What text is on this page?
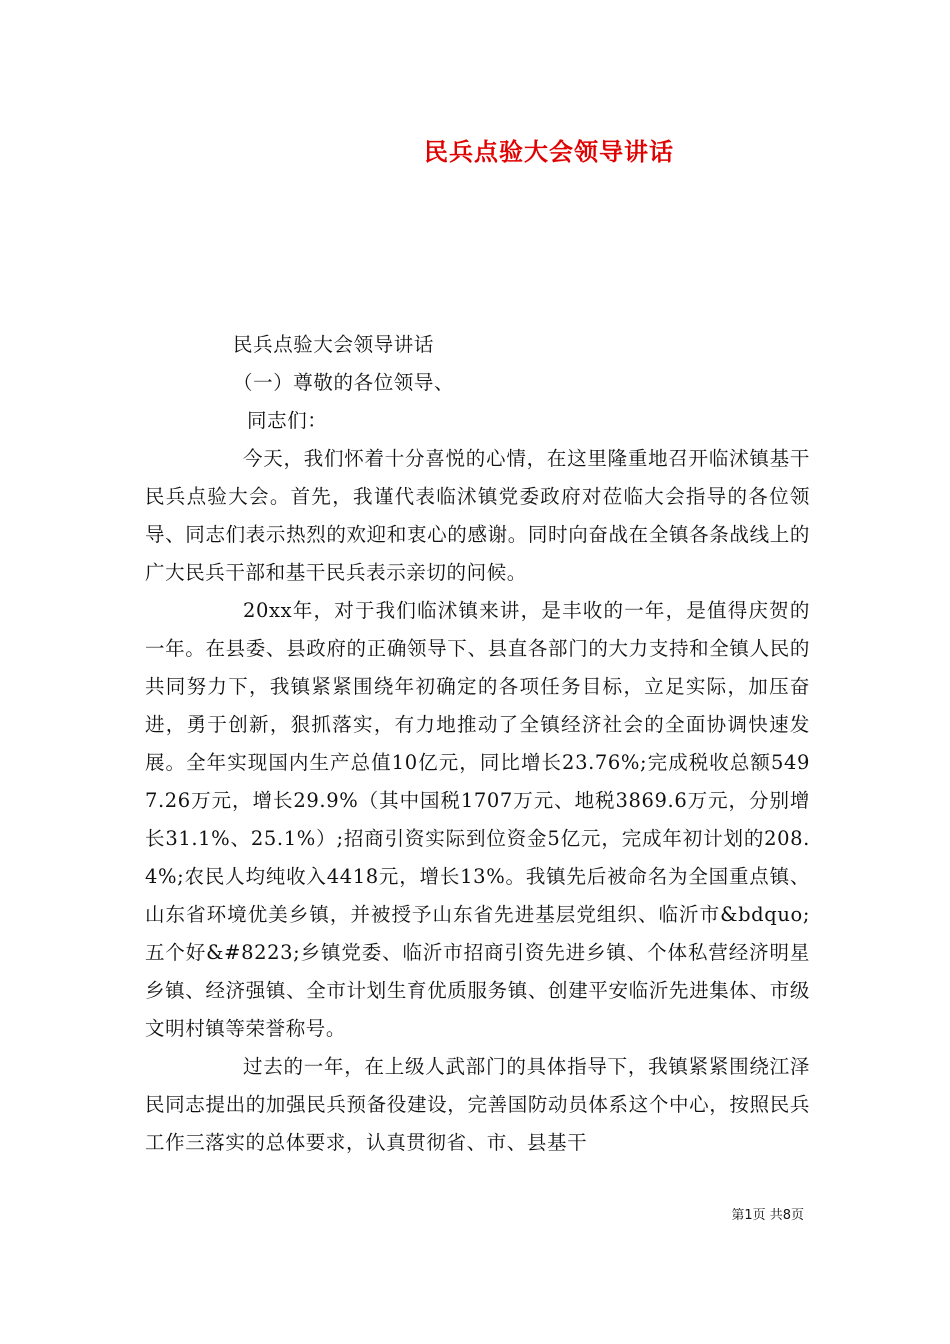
民兵点验大会领导讲话

民兵点验大会领导讲话

（一）尊敬的各位领导、

同志们：

今天，我们怀着十分喜悦的心情，在这里隆重地召开临沭镇基干民兵点验大会。首先，我谨代表临沭镇党委政府对莅临大会指导的各位领导、同志们表示热烈的欢迎和衷心的感谢。同时向奋战在全镇各条战线上的广大民兵干部和基干民兵表示亲切的问候。

20xx年，对于我们临沭镇来讲，是丰收的一年，是值得庆贺的一年。在县委、县政府的正确领导下、县直各部门的大力支持和全镇人民的共同努力下，我镇紧紧围绕年初确定的各项任务目标，立足实际，加压奋进，勇于创新，狠抓落实，有力地推动了全镇经济社会的全面协调快速发展。全年实现国内生产总值10亿元，同比增长23.76%;完成税收总额5497.26万元，增长29.9%（其中国税1707万元、地税3869.6万元，分别增长31.1%、25.1%）;招商引资实际到位资金5亿元，完成年初计划的208.4%;农民人均纯收入4418元，增长13%。我镇先后被命名为全国重点镇、山东省环境优美乡镇，并被授予山东省先进基层党组织、临沂市&bdquo;五个好&#8223;乡镇党委、临沂市招商引资先进乡镇、个体私营经济明星乡镇、经济强镇、全市计划生育优质服务镇、创建平安临沂先进集体、市级文明村镇等荣誉称号。

过去的一年，在上级人武部门的具体指导下，我镇紧紧围绕江泽民同志提出的加强民兵预备役建设，完善国防动员体系这个中心，按照民兵工作三落实的总体要求，认真贯彻省、市、县基干

第1页 共8页
